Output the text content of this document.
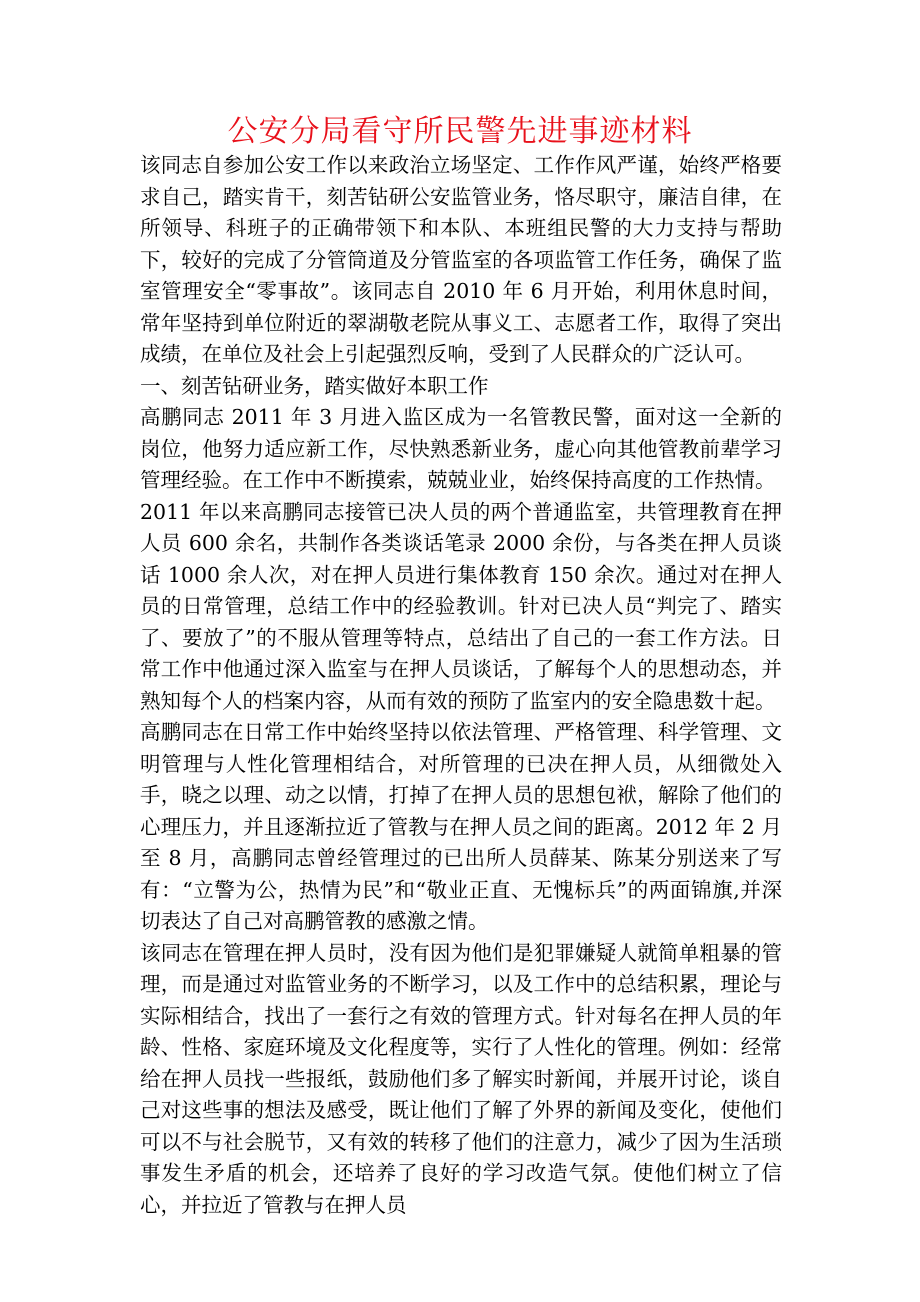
公安分局看守所民警先进事迹材料

该同志自参加公安工作以来政治立场坚定、工作作风严谨，始终严格要求自己，踏实肯干，刻苦钻研公安监管业务，恪尽职守，廉洁自律，在所领导、科班子的正确带领下和本队、本班组民警的大力支持与帮助下，较好的完成了分管筒道及分管监室的各项监管工作任务，确保了监室管理安全“零事故”。该同志自 2010 年 6 月开始，利用休息时间，常年坚持到单位附近的翠湖敬老院从事义工、志愿者工作，取得了突出成绩，在单位及社会上引起强烈反响，受到了人民群众的广泛认可。

一、刻苦钻研业务，踏实做好本职工作

高鹏同志 2011 年 3 月进入监区成为一名管教民警，面对这一全新的岗位，他努力适应新工作，尽快熟悉新业务，虚心向其他管教前辈学习管理经验。在工作中不断摸索，兢兢业业，始终保持高度的工作热情。

2011 年以来高鹏同志接管已决人员的两个普通监室，共管理教育在押人员 600 余名，共制作各类谈话笔录 2000 余份，与各类在押人员谈话 1000 余人次，对在押人员进行集体教育 150 余次。通过对在押人员的日常管理，总结工作中的经验教训。针对已决人员“判完了、踏实了、要放了”的不服从管理等特点，总结出了自己的一套工作方法。日常工作中他通过深入监室与在押人员谈话，了解每个人的思想动态，并熟知每个人的档案内容，从而有效的预防了监室内的安全隐患数十起。

高鹏同志在日常工作中始终坚持以依法管理、严格管理、科学管理、文明管理与人性化管理相结合，对所管理的已决在押人员，从细微处入手，晓之以理、动之以情，打掉了在押人员的思想包袱，解除了他们的心理压力，并且逐渐拉近了管教与在押人员之间的距离。2012 年 2 月至 8 月，高鹏同志曾经管理过的已出所人员薛某、陈某分别送来了写有：“立警为公，热情为民”和“敬业正直、无愧标兵”的两面锦旗,并深切表达了自己对高鹏管教的感激之情。

该同志在管理在押人员时，没有因为他们是犯罪嫌疑人就简单粗暴的管理，而是通过对监管业务的不断学习，以及工作中的总结积累，理论与实际相结合，找出了一套行之有效的管理方式。针对每名在押人员的年龄、性格、家庭环境及文化程度等，实行了人性化的管理。例如：经常给在押人员找一些报纸，鼓励他们多了解实时新闻，并展开讨论，谈自己对这些事的想法及感受，既让他们了解了外界的新闻及变化，使他们可以不与社会脱节，又有效的转移了他们的注意力，减少了因为生活琐事发生矛盾的机会，还培养了良好的学习改造气氛。使他们树立了信心，并拉近了管教与在押人员
